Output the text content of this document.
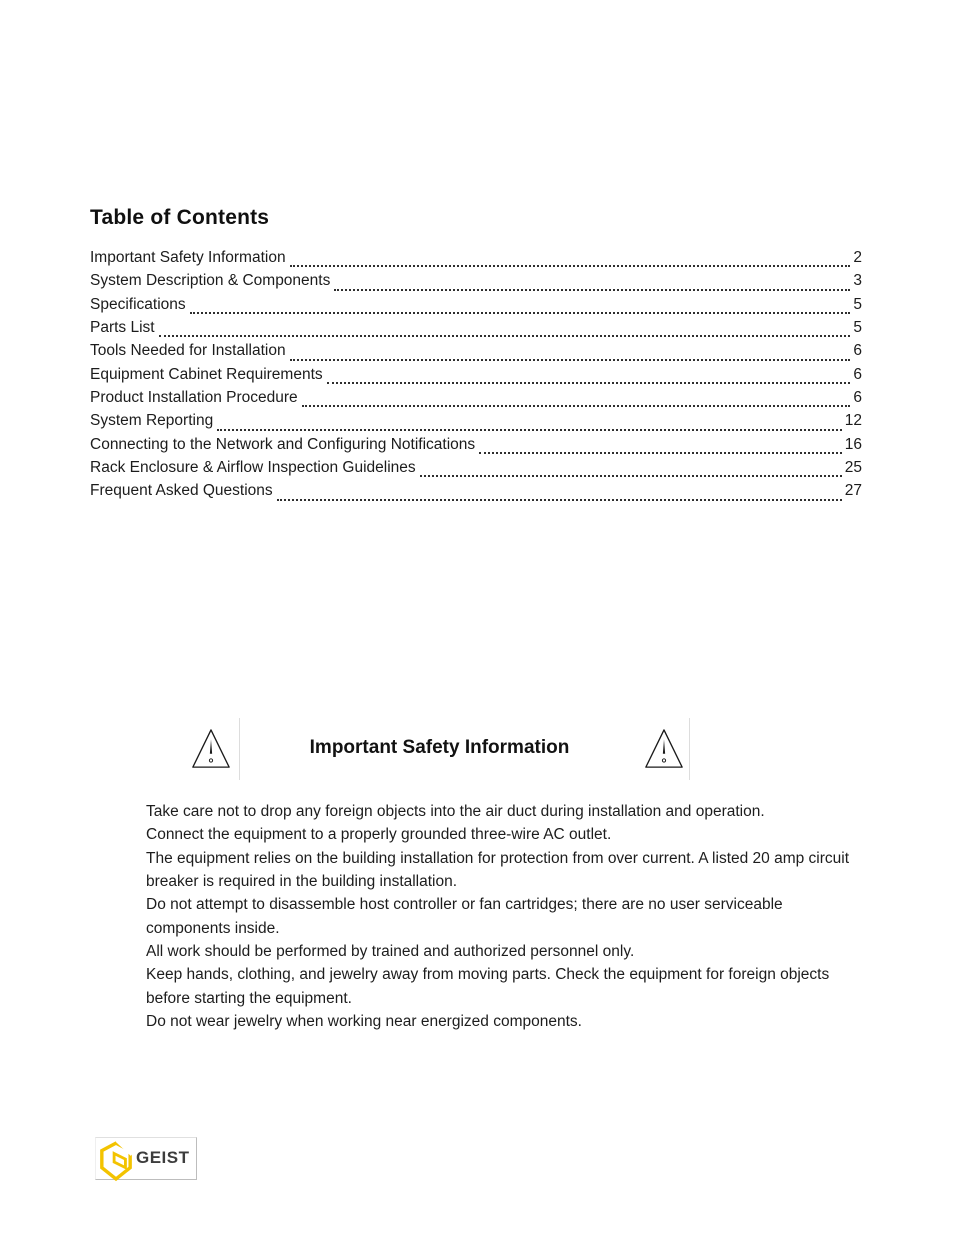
Table of Contents
Important Safety Information	2
System Description & Components	3
Specifications	5
Parts List	5
Tools Needed for Installation	6
Equipment Cabinet Requirements	6
Product Installation Procedure	6
System Reporting	12
Connecting to the Network and Configuring Notifications	16
Rack Enclosure & Airflow Inspection Guidelines	25
Frequent Asked Questions	27
Important Safety Information
Take care not to drop any foreign objects into the air duct during installation and operation.
Connect the equipment to a properly grounded three-wire AC outlet.
The equipment relies on the building installation for protection from over current. A listed 20 amp circuit
breaker is required in the building installation.
Do not attempt to disassemble host controller or fan cartridges; there are no user serviceable
components inside.
All work should be performed by trained and authorized personnel only.
Keep hands, clothing, and jewelry away from moving parts. Check the equipment for foreign objects
before starting the equipment.
Do not wear jewelry when working near energized components.
GEIST
